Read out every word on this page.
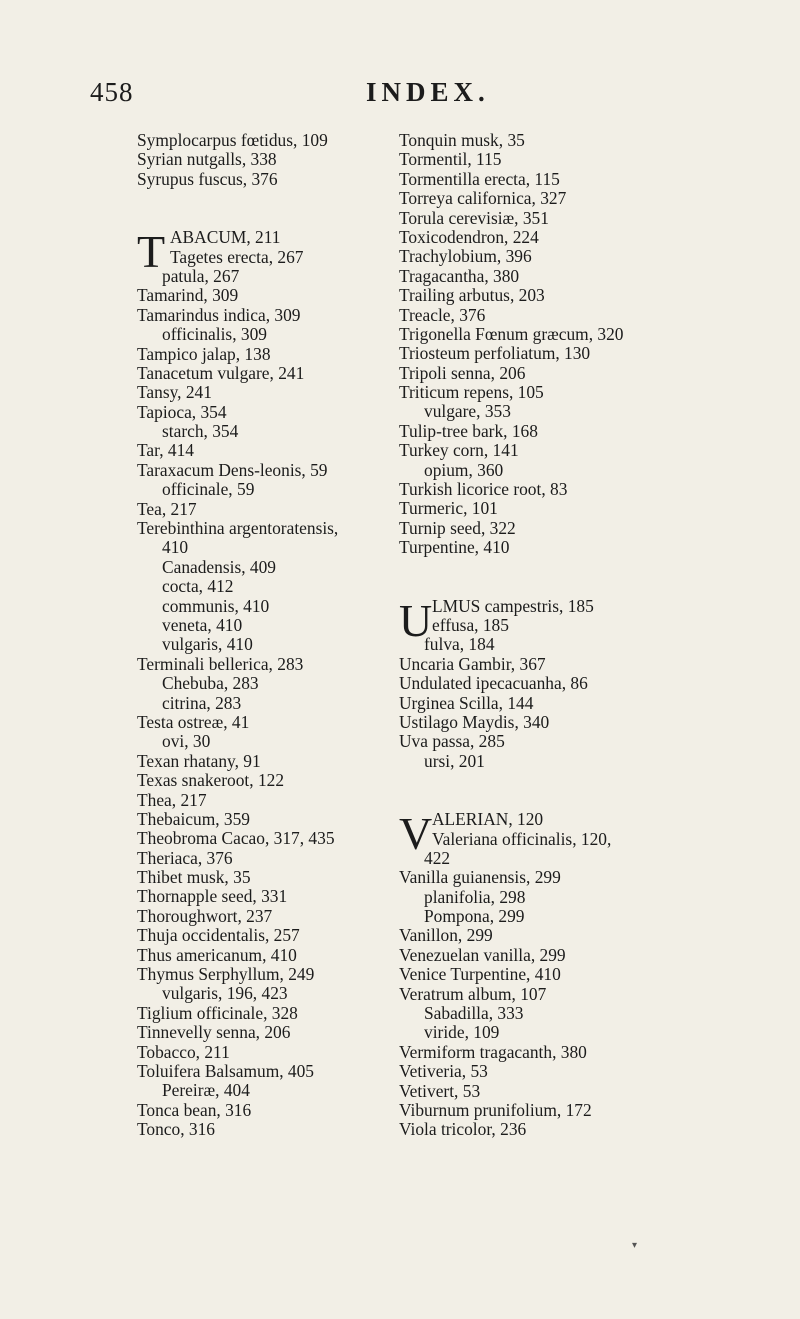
458	INDEX.
Symplocarpus fœtidus, 109
Syrian nutgalls, 338
Syrupus fuscus, 376
T ABACUM, 211
Tagetes erecta, 267
patula, 267
Tamarind, 309
Tamarindus indica, 309
officinalis, 309
Tampico jalap, 138
Tanacetum vulgare, 241
Tansy, 241
Tapioca, 354
starch, 354
Tar, 414
Taraxacum Dens-leonis, 59
officinale, 59
Tea, 217
Terebinthina argentoratensis,
410
Canadensis, 409
cocta, 412
communis, 410
veneta, 410
vulgaris, 410
Terminali bellerica, 283
Chebuba, 283
citrina, 283
Testa ostreæ, 41
ovi, 30
Texan rhatany, 91
Texas snakeroot, 122
Thea, 217
Thebaicum, 359
Theobroma Cacao, 317, 435
Theriaca, 376
Thibet musk, 35
Thornapple seed, 331
Thoroughwort, 237
Thuja occidentalis, 257
Thus americanum, 410
Thymus Serphyllum, 249
vulgaris, 196, 423
Tiglium officinale, 328
Tinnevelly senna, 206
Tobacco, 211
Toluifera Balsamum, 405
Pereiræ, 404
Tonca bean, 316
Tonco, 316
Tonquin musk, 35
Tormentil, 115
Tormentilla erecta, 115
Torreya californica, 327
Torula cerevisiæ, 351
Toxicodendron, 224
Trachylobium, 396
Tragacantha, 380
Trailing arbutus, 203
Treacle, 376
Trigonella Fœnum græcum, 320
Triosteum perfoliatum, 130
Tripoli senna, 206
Triticum repens, 105
vulgare, 353
Tulip-tree bark, 168
Turkey corn, 141
opium, 360
Turkish licorice root, 83
Turmeric, 101
Turnip seed, 322
Turpentine, 410
U LMUS campestris, 185
effusa, 185
fulva, 184
Uncaria Gambir, 367
Undulated ipecacuanha, 86
Urginea Scilla, 144
Ustilago Maydis, 340
Uva passa, 285
ursi, 201
V ALERIAN, 120
Valeriana officinalis, 120,
422
Vanilla guianensis, 299
planifolia, 298
Pompona, 299
Vanillon, 299
Venezuelan vanilla, 299
Venice Turpentine, 410
Veratrum album, 107
Sabadilla, 333
viride, 109
Vermiform tragacanth, 380
Vetiveria, 53
Vetivert, 53
Viburnum prunifolium, 172
Viola tricolor, 236
▾
